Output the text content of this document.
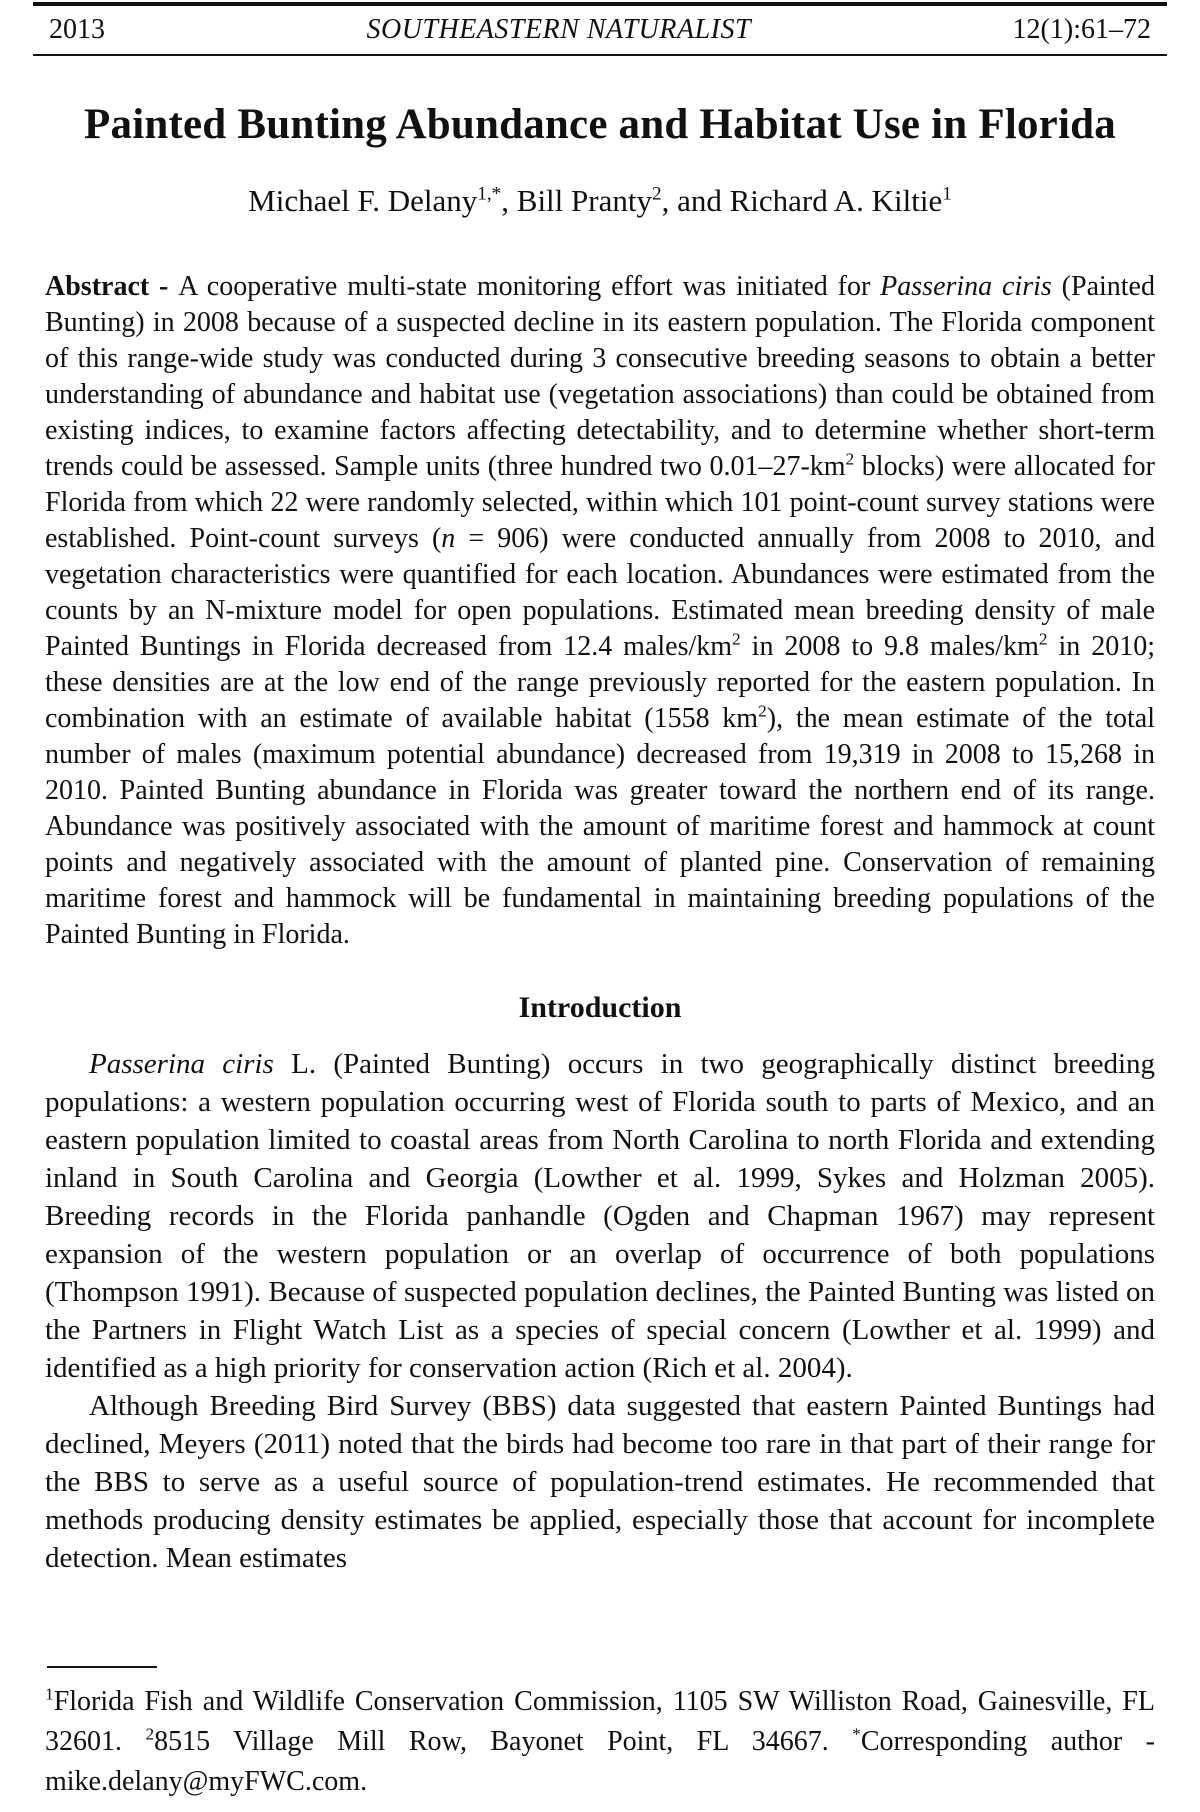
2013	SOUTHEASTERN NATURALIST	12(1):61–72
Painted Bunting Abundance and Habitat Use in Florida
Michael F. Delany$^{1,*}$, Bill Pranty$^2$, and Richard A. Kiltie$^1$

Abstract - A cooperative multi-state monitoring effort was initiated for Passerina ciris (Painted Bunting) in 2008 because of a suspected decline in its eastern population. The Florida component of this range-wide study was conducted during 3 consecutive breeding seasons to obtain a better understanding of abundance and habitat use (vegetation associations) than could be obtained from existing indices, to examine factors affecting detectability, and to determine whether short-term trends could be assessed. Sample units (three hundred two $0.01-27-km^2$ blocks) were allocated for Florida from which 22 were randomly selected, within which 101 point-count survey stations were established. Point-count surveys (n = 906) were conducted annually from 2008 to 2010, and vegetation characteristics were quantified for each location. Abundances were estimated from the counts by an N-mixture model for open populations. Estimated mean breeding density of male Painted Buntings in Florida decreased from 12.4 males/$km^2$ in 2008 to 9.8 males/$km^2$ in 2010; these densities are at the low end of the range previously reported for the eastern population. In combination with an estimate of available habitat (1558 $km^2$), the mean estimate of the total number of males (maximum potential abundance) decreased from 19,319 in 2008 to 15,268 in 2010. Painted Bunting abundance in Florida was greater toward the northern end of its range. Abundance was positively associated with the amount of maritime forest and hammock at count points and negatively associated with the amount of planted pine. Conservation of remaining maritime forest and hammock will be fundamental in maintaining breeding populations of the Painted Bunting in Florida.

Introduction

Passerina ciris L. (Painted Bunting) occurs in two geographically distinct breeding populations: a western population occurring west of Florida south to parts of Mexico, and an eastern population limited to coastal areas from North Carolina to north Florida and extending inland in South Carolina and Georgia (Lowther et al. 1999, Sykes and Holzman 2005). Breeding records in the Florida panhandle (Ogden and Chapman 1967) may represent expansion of the western population or an overlap of occurrence of both populations (Thompson 1991). Because of suspected population declines, the Painted Bunting was listed on the Partners in Flight Watch List as a species of special concern (Lowther et al. 1999) and identified as a high priority for conservation action (Rich et al. 2004).

Although Breeding Bird Survey (BBS) data suggested that eastern Painted Buntings had declined, Meyers (2011) noted that the birds had become too rare in that part of their range for the BBS to serve as a useful source of population-trend estimates. He recommended that methods producing density estimates be applied, especially those that account for incomplete detection. Mean estimates

$^1$Florida Fish and Wildlife Conservation Commission, 1105 SW Williston Road, Gainesville, FL 32601. $^2$8515 Village Mill Row, Bayonet Point, FL 34667. *Corresponding author - mike.delany@myFWC.com.
